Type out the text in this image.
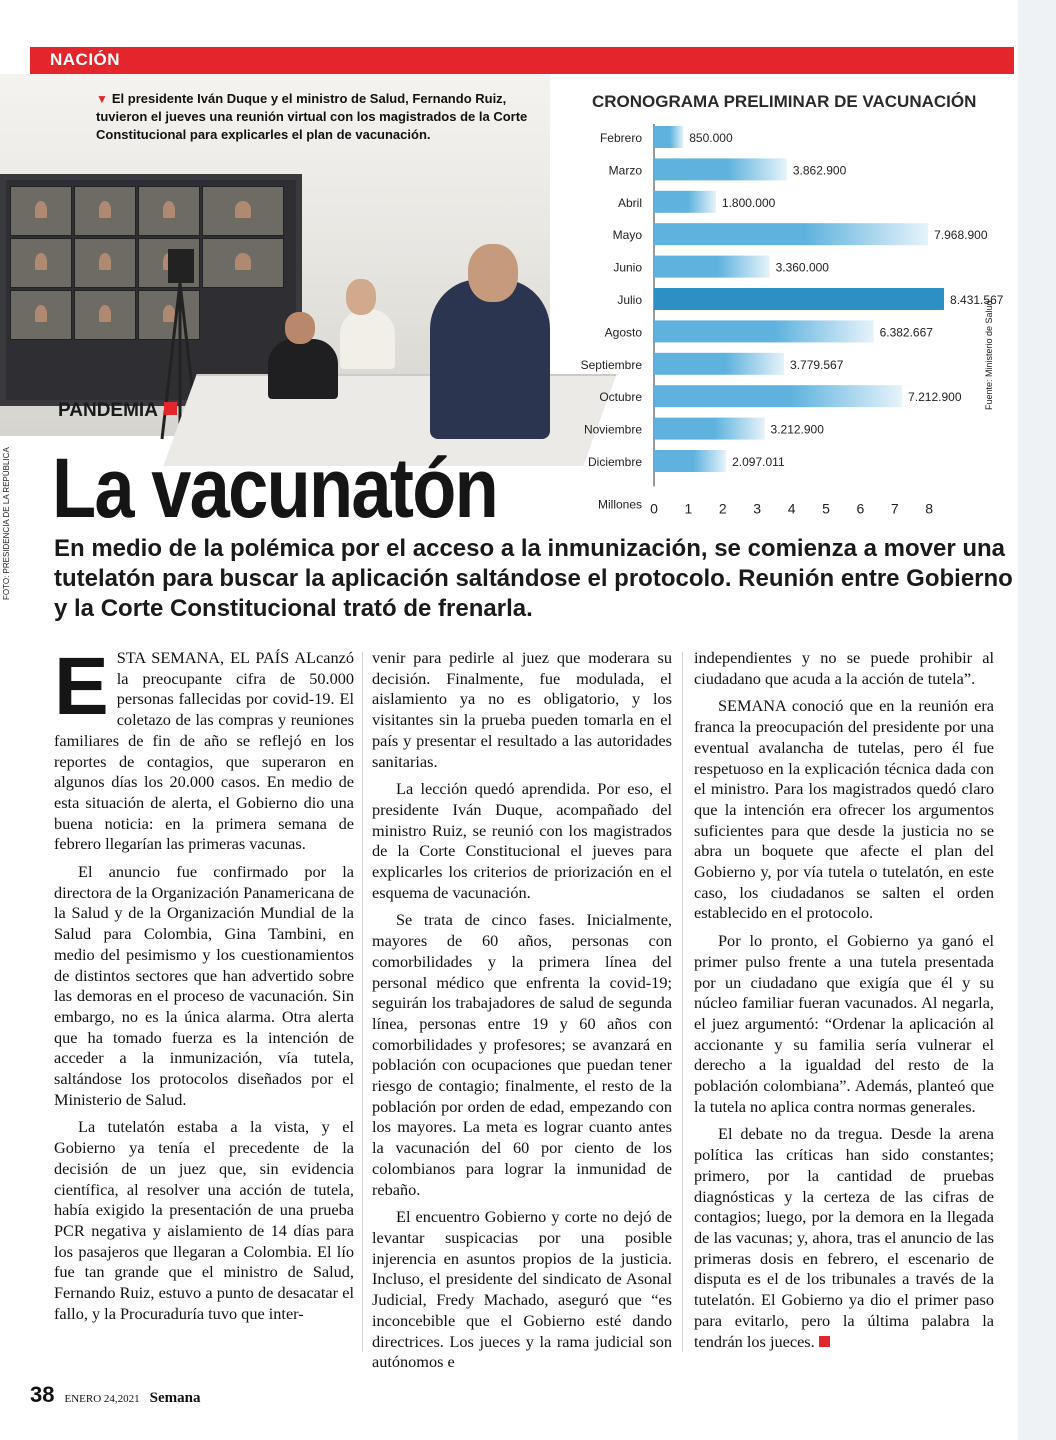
NACIÓN
PANDEMIA
▼ El presidente Iván Duque y el ministro de Salud, Fernando Ruiz, tuvieron el jueves una reunión virtual con los magistrados de la Corte Constitucional para explicarles el plan de vacunación.
FOTO: PRESIDENCIA DE LA REPÚBLICA La vacunatón
CRONOGRAMA PRELIMINAR DE VACUNACIÓN
Febrero	850.000
Marzo	3.862.900
Abril	1.800.000
Mayo	7.968.900
Junio	3.360.000
Julio	8.431.567
Agosto	6.382.667
Septiembre	3.779.567
Octubre	7.212.900
Noviembre	3.212.900
Diciembre	2.097.011
Millones 0 1 2 3 4 5 6 7 8
Fuente: Ministerio de Salud
En medio de la polémica por el acceso a la inmunización, se comienza a mover una tutelatón para buscar la aplicación saltándose el protocolo. Reunión entre Gobierno y la Corte Constitucional trató de frenarla.

ESTA SEMANA, EL PAÍS ALcanzó la preocupante cifra de 50.000 personas fallecidas por covid-19. El coletazo de las compras y reuniones familiares de fin de año se reflejó en los reportes de contagios, que superaron en algunos días los 20.000 casos. En medio de esta situación de alerta, el Gobierno dio una buena noticia: en la primera semana de febrero llegarían las primeras vacunas.

El anuncio fue confirmado por la directora de la Organización Panamericana de la Salud y de la Organización Mundial de la Salud para Colombia, Gina Tambini, en medio del pesimismo y los cuestionamientos de distintos sectores que han advertido sobre las demoras en el proceso de vacunación. Sin embargo, no es la única alarma. Otra alerta que ha tomado fuerza es la intención de acceder a la inmunización, vía tutela, saltándose los protocolos diseñados por el Ministerio de Salud.

La tutelatón estaba a la vista, y el Gobierno ya tenía el precedente de la decisión de un juez que, sin evidencia científica, al resolver una acción de tutela, había exigido la presentación de una prueba PCR negativa y aislamiento de 14 días para los pasajeros que llegaran a Colombia. El lío fue tan grande que el ministro de Salud, Fernando Ruiz, estuvo a punto de desacatar el fallo, y la Procuraduría tuvo que inter-

venir para pedirle al juez que moderara su decisión. Finalmente, fue modulada, el aislamiento ya no es obligatorio, y los visitantes sin la prueba pueden tomarla en el país y presentar el resultado a las autoridades sanitarias.

La lección quedó aprendida. Por eso, el presidente Iván Duque, acompañado del ministro Ruiz, se reunió con los magistrados de la Corte Constitucional el jueves para explicarles los criterios de priorización en el esquema de vacunación.

Se trata de cinco fases. Inicialmente, mayores de 60 años, personas con comorbilidades y la primera línea del personal médico que enfrenta la covid-19; seguirán los trabajadores de salud de segunda línea, personas entre 19 y 60 años con comorbilidades y profesores; se avanzará en población con ocupaciones que puedan tener riesgo de contagio; finalmente, el resto de la población por orden de edad, empezando con los mayores. La meta es lograr cuanto antes la vacunación del 60 por ciento de los colombianos para lograr la inmunidad de rebaño.

El encuentro Gobierno y corte no dejó de levantar suspicacias por una posible injerencia en asuntos propios de la justicia. Incluso, el presidente del sindicato de Asonal Judicial, Fredy Machado, aseguró que “es inconcebible que el Gobierno esté dando directrices. Los jueces y la rama judicial son autónomos e

independientes y no se puede prohibir al ciudadano que acuda a la acción de tutela”.

SEMANA conoció que en la reunión era franca la preocupación del presidente por una eventual avalancha de tutelas, pero él fue respetuoso en la explicación técnica dada con el ministro. Para los magistrados quedó claro que la intención era ofrecer los argumentos suficientes para que desde la justicia no se abra un boquete que afecte el plan del Gobierno y, por vía tutela o tutelatón, en este caso, los ciudadanos se salten el orden establecido en el protocolo.

Por lo pronto, el Gobierno ya ganó el primer pulso frente a una tutela presentada por un ciudadano que exigía que él y su núcleo familiar fueran vacunados. Al negarla, el juez argumentó: “Ordenar la aplicación al accionante y su familia sería vulnerar el derecho a la igualdad del resto de la población colombiana”. Además, planteó que la tutela no aplica contra normas generales.

El debate no da tregua. Desde la arena política las críticas han sido constantes; primero, por la cantidad de pruebas diagnósticas y la certeza de las cifras de contagios; luego, por la demora en la llegada de las vacunas; y, ahora, tras el anuncio de las primeras dosis en febrero, el escenario de disputa es el de los tribunales a través de la tutelatón. El Gobierno ya dio el primer paso para evitarlo, pero la última palabra la tendrán los jueces.

38 ENERO 24,2021 Semana
